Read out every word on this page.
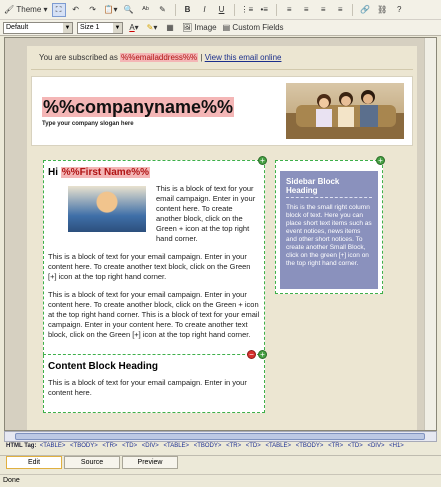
🖌
Theme ▾	⛶	↶	↷ 📋▾ 🔍	ᴬᵇ	✎	B	I	U	⋮≡ •≡	≡	≡	≡	≡	🔗 ⛓	?
Default	▼ Size 1	▼ A ▾ ✎ ▾	▦	🖼
Image ▤
Custom Fields
You are subscribed as
%%emailaddress%%
|
View this email online
%%companyname%%
Type your company slogan here
+
Hi %%First Name%%

This is a block of text for your email campaign. Enter in your content here. To create another block, click on the Green + icon at the top right hand corner.

This is a block of text for your email campaign. Enter in your content here. To create another text block, click on the Green [+] icon at the top right hand corner.

This is a block of text for your email campaign. Enter in your content here. To create another block, click on the Green + icon at the top right hand corner. This is a block of text for your email campaign. Enter in your content here. To create another text block, click on the Green [+] icon at the top right hand corner.

− +
Content Block Heading

This is a block of text for your email campaign. Enter in your content here.

+
Sidebar Block Heading

This is the small right column block of text. Here you can place short text items such as event notices, news items and other short notices. To create another Small Block, click on the green [+] icon on the top right hand corner.

HTML Tag: <TABLE> <TBODY> <TR> <TD> <DIV> <TABLE> <TBODY> <TR> <TD> <TABLE> <TBODY> <TR> <TD> <DIV> <H1>
Edit	Source	Preview
Done
